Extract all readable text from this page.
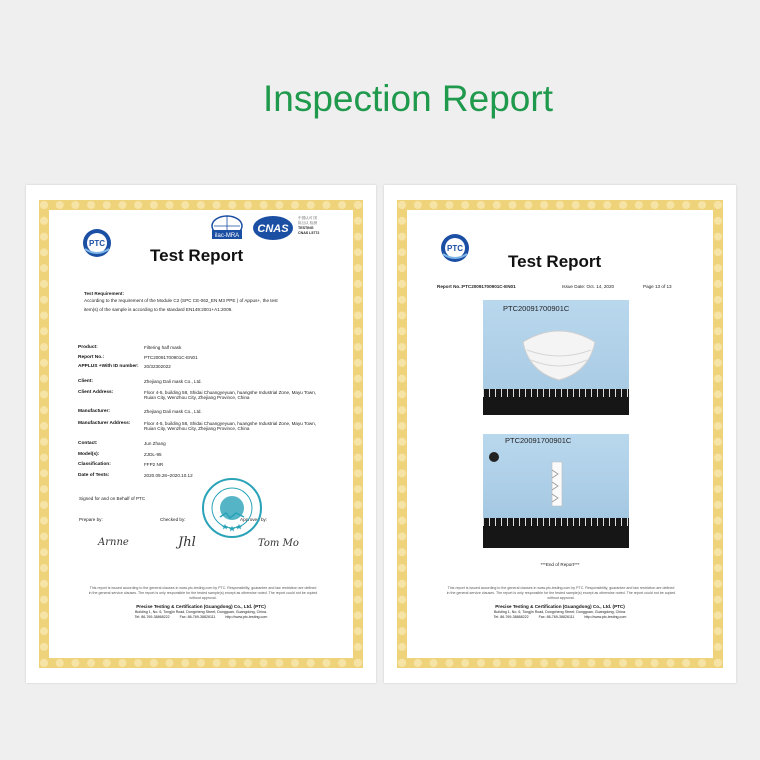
Inspection Report
PTC
ilac-MRA
CNAS
中国认可 国际互认 检测
TESTING
CNAS L5772
Test Report
Test Requirement:
According to the requirement of the Module C2 (SPC CE-062_EN M3 PPE ) of Appus+, the test
item(s) of the sample is according to the standard EN149:2001+A1:2009.
Product:	Filtering half mask
Report No.:	PTC20091700901C-EN01
APPLUS +With ID number:	20/32302022
Client:	Zhejiang Dali mask Co., Ltd.
Client Address:	Floor 4-5, building 58, Shidai Chuangyeyuan, huangshe Industrial Zone, Mayu Town, Ruian City, Wenzhou City, Zhejiang Province, China
Manufacturer:	Zhejiang Dali mask Co., Ltd.
Manufacturer Address:	Floor 4-5, building 58, Shidai Chuangyeyuan, huangshe Industrial Zone, Mayu Town, Ruian City, Wenzhou City, Zhejiang Province, China
Contact:	Jun Zhang
Model(s):	ZJDL-95
Classification:	FFP2 NR
Date of Tests:	2020.09.28~2020.10.12
Signed for and on Behalf of PTC
Prepare by:	Checked by:	Approved by:
Arnne	Jhl	Tom Mo
This report is issued according to the general clauses in www.ptc-testing.com by PTC. Responsibility, guarantee and law restriction are defined in the general service clauses. The report is only responsible for the tested sample(s) except as otherwise noted. The report could not be copied without approval.
Precise Testing & Certification (Guangdong) Co., Ltd. (PTC)
Building 1, No. 6, Tongjin Road, Dongcheng Street, Dongguan, Guangdong, China.
Tel: 86-769-38868222          Fax: 86-769-38826111          http://www.ptc-testing.com
PTC
Test Report
Report No.:PTC20091700901C-EN01	Issue Date: Oct. 14, 2020	Page 13 of 13
PTC20091700901C
PTC20091700901C
***End of Report***
This report is issued according to the general clauses in www.ptc-testing.com by PTC. Responsibility, guarantee and law restriction are defined in the general service clauses. The report is only responsible for the tested sample(s) except as otherwise noted. The report could not be copied without approval.
Precise Testing & Certification (Guangdong) Co., Ltd. (PTC)
Building 1, No. 6, Tongjin Road, Dongcheng Street, Dongguan, Guangdong, China.
Tel: 86-769-38868222          Fax: 86-769-38826111          http://www.ptc-testing.com
